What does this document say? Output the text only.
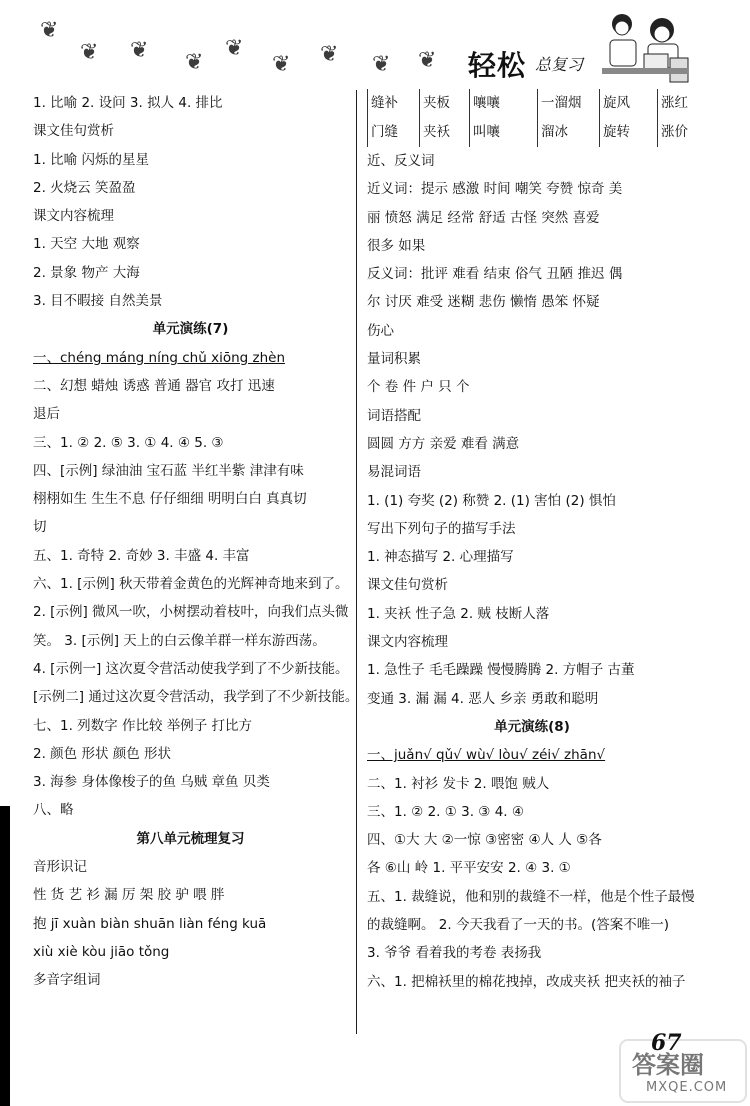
❦
❦ ❦ ❦
❦
❦ ❦ ❦ ❦ 轻松 总复习
1. 比喻 2. 设问 3. 拟人 4. 排比
课文佳句赏析
1. 比喻 闪烁的星星
2. 火烧云 笑盈盈
课文内容梳理
1. 天空 大地 观察
2. 景象 物产 大海
3. 目不暇接 自然美景
单元演练(7)
一、chéng máng níng chǔ xiōng zhèn
二、幻想 蜡烛 诱惑 普通 器官 攻打 迅速
退后
三、1. ② 2. ⑤ 3. ① 4. ④ 5. ③
四、[示例] 绿油油 宝石蓝 半红半紫 津津有味
栩栩如生 生生不息 仔仔细细 明明白白 真真切
切
五、1. 奇特 2. 奇妙 3. 丰盛 4. 丰富
六、1. [示例] 秋天带着金黄色的光辉神奇地来到了。
2. [示例] 微风一吹，小树摆动着枝叶，向我们点头微
笑。 3. [示例] 天上的白云像羊群一样东游西荡。
4. [示例一] 这次夏令营活动使我学到了不少新技能。
[示例二] 通过这次夏令营活动，我学到了不少新技能。
七、1. 列数字 作比较 举例子 打比方
2. 颜色 形状 颜色 形状
3. 海参 身体像梭子的鱼 乌贼 章鱼 贝类
八、略
第八单元梳理复习
音形识记
性 货 艺 衫 漏 厉 架 胶 驴 喂 胖
抱 jī xuàn biàn shuān liàn féng kuā
xiù xiè kòu jiāo tǒng
多音字组词
缝补	夹板	嚷嚷	一溜烟	旋风	涨红
门缝	夹袄	叫嚷	溜冰	旋转	涨价
近、反义词
近义词：提示 感激 时间 嘲笑 夸赞 惊奇 美
丽 愤怒 满足 经常 舒适 古怪 突然 喜爱
很多 如果
反义词：批评 难看 结束 俗气 丑陋 推迟 偶
尔 讨厌 难受 迷糊 悲伤 懒惰 愚笨 怀疑
伤心
量词积累
个 卷 件 户 只 个
词语搭配
圆圆 方方 亲爱 难看 满意
易混词语
1. (1) 夸奖 (2) 称赞 2. (1) 害怕 (2) 惧怕
写出下列句子的描写手法
1. 神态描写 2. 心理描写
课文佳句赏析
1. 夹袄 性子急 2. 贼 枝断人落
课文内容梳理
1. 急性子 毛毛躁躁 慢慢腾腾 2. 方帽子 古董
变通 3. 漏 漏 4. 恶人 乡亲 勇敢和聪明
单元演练(8)
一、juǎn√ qǔ√ wù√ lòu√ zéi√ zhān√
二、1. 衬衫 发卡 2. 喂饱 贼人
三、1. ② 2. ① 3. ③ 4. ④
四、①大 大 ②一惊 ③密密 ④人 人 ⑤各
各 ⑥山 岭 1. 平平安安 2. ④ 3. ①
五、1. 裁缝说，他和别的裁缝不一样，他是个性子最慢
的裁缝啊。 2. 今天我看了一天的书。(答案不唯一)
3. 爷爷 看着我的考卷 表扬我
六、1. 把棉袄里的棉花拽掉，改成夹袄 把夹袄的袖子
答案圈
MXQE.COM
67
